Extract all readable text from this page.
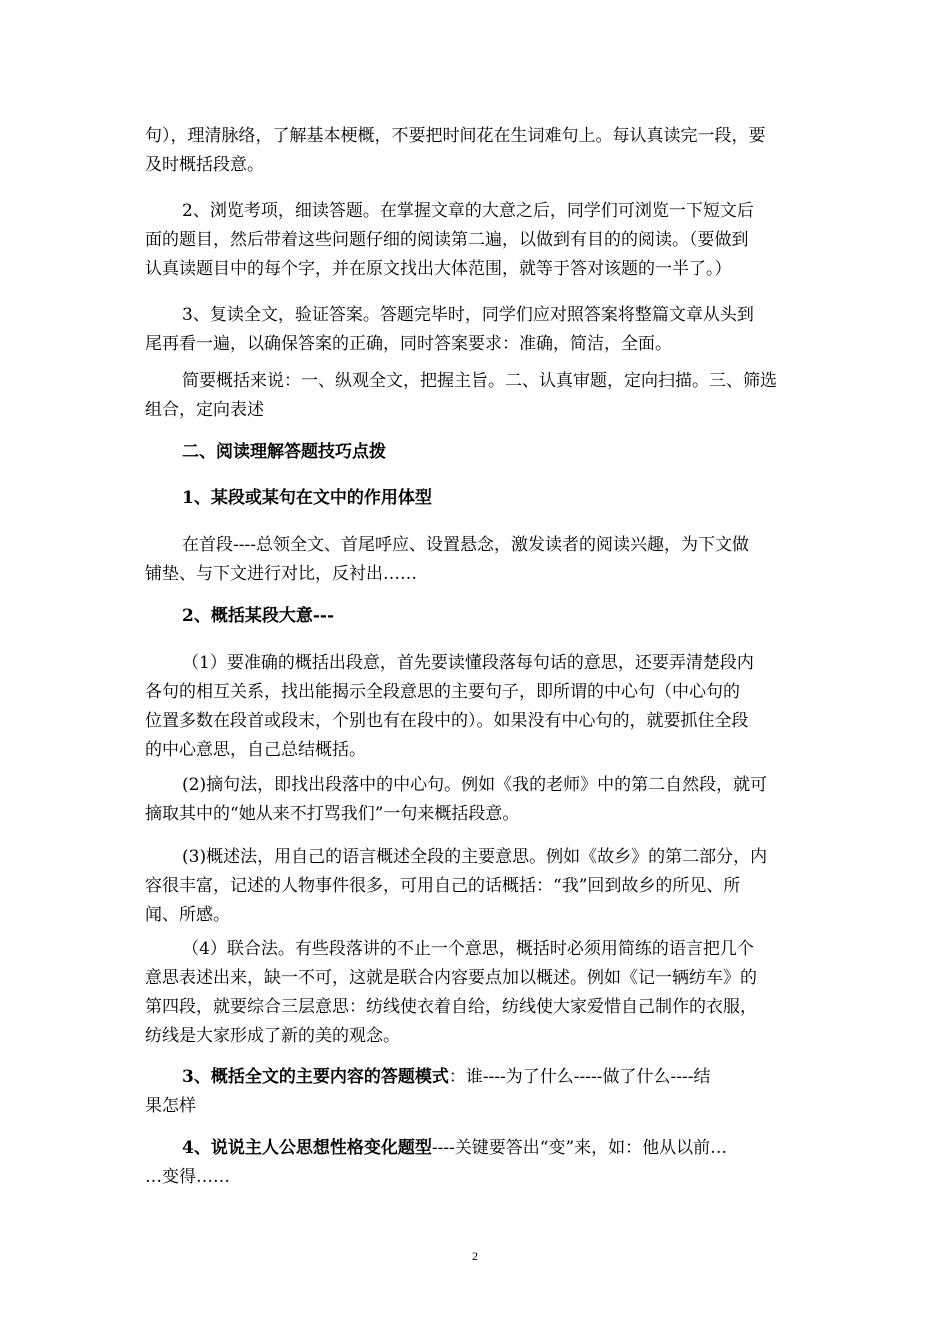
句），理清脉络，了解基本梗概，不要把时间花在生词难句上。每认真读完一段，要
及时概括段意。

2、浏览考项，细读答题。在掌握文章的大意之后，同学们可浏览一下短文后
面的题目，然后带着这些问题仔细的阅读第二遍，以做到有目的的阅读。（要做到
认真读题目中的每个字，并在原文找出大体范围，就等于答对该题的一半了。）

3、复读全文，验证答案。答题完毕时，同学们应对照答案将整篇文章从头到
尾再看一遍，以确保答案的正确，同时答案要求：准确，简洁，全面。

简要概括来说：一、纵观全文，把握主旨。二、认真审题，定向扫描。三、筛选
组合，定向表述

二、阅读理解答题技巧点拨

1、某段或某句在文中的作用体型

在首段----总领全文、首尾呼应、设置悬念，激发读者的阅读兴趣，为下文做
铺垫、与下文进行对比，反衬出……

2、概括某段大意---

（1）要准确的概括出段意，首先要读懂段落每句话的意思，还要弄清楚段内
各句的相互关系，找出能揭示全段意思的主要句子，即所谓的中心句（中心句的
位置多数在段首或段末，个别也有在段中的）。如果没有中心句的，就要抓住全段
的中心意思，自己总结概括。

(2)摘句法，即找出段落中的中心句。例如《我的老师》中的第二自然段，就可
摘取其中的“她从来不打骂我们”一句来概括段意。

(3)概述法，用自己的语言概述全段的主要意思。例如《故乡》的第二部分，内
容很丰富，记述的人物事件很多，可用自己的话概括：“我”回到故乡的所见、所
闻、所感。

（4）联合法。有些段落讲的不止一个意思，概括时必须用简练的语言把几个
意思表述出来，缺一不可，这就是联合内容要点加以概述。例如《记一辆纺车》的
第四段，就要综合三层意思：纺线使衣着自给，纺线使大家爱惜自己制作的衣服，
纺线是大家形成了新的美的观念。

3、概括全文的主要内容的答题模式：谁----为了什么-----做了什么----结
果怎样

4、说说主人公思想性格变化题型----关键要答出“变”来，如：他从以前…
…变得……

2
